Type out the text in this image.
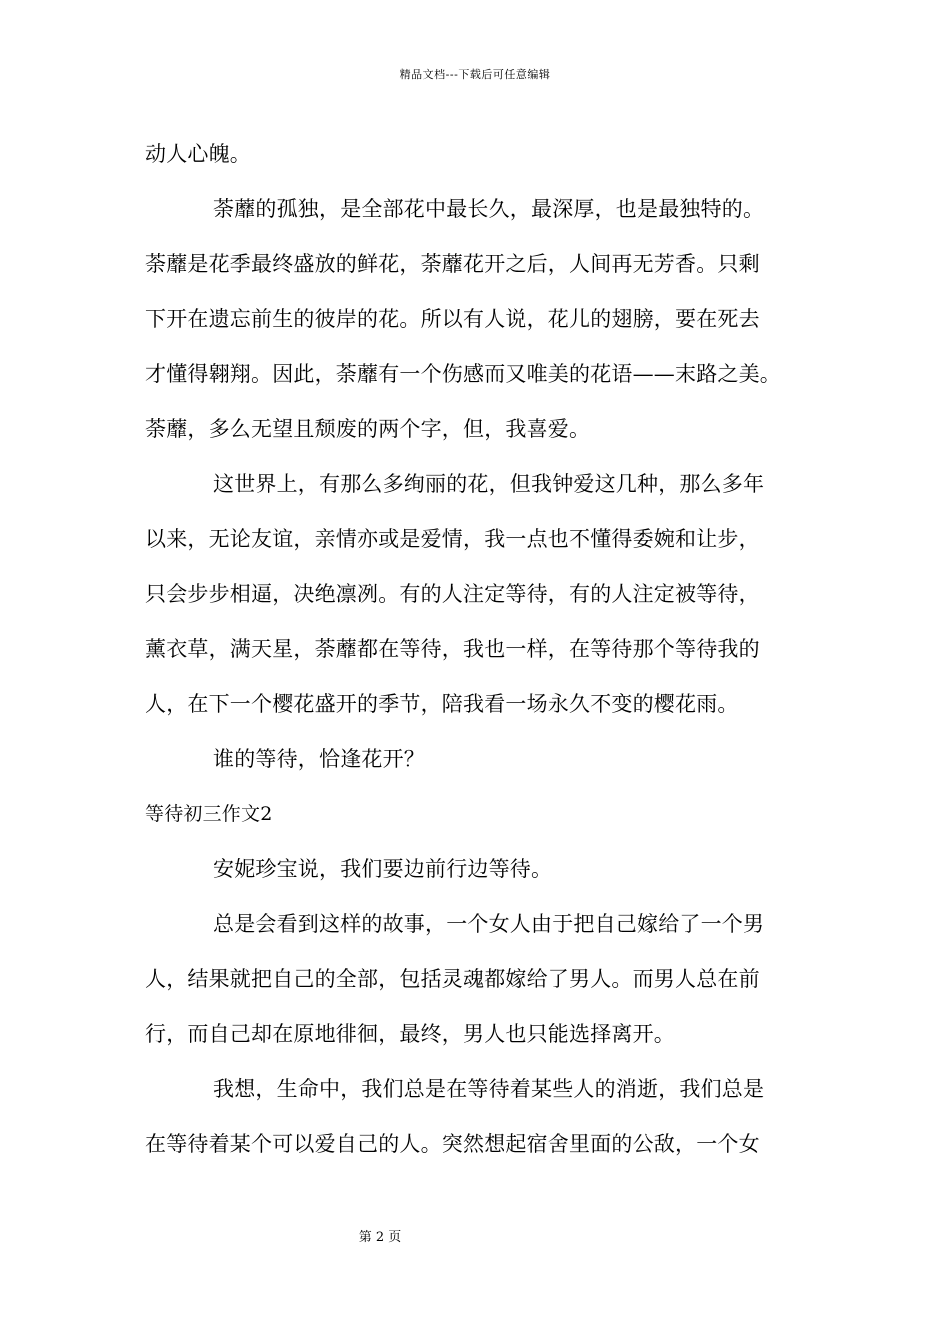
精品文档---下载后可任意编辑
动人心魄。
荼蘼的孤独，是全部花中最长久，最深厚，也是最独特的。
荼蘼是花季最终盛放的鲜花，荼蘼花开之后，人间再无芳香。只剩
下开在遗忘前生的彼岸的花。所以有人说，花儿的翅膀，要在死去
才懂得翱翔。因此，荼蘼有一个伤感而又唯美的花语——末路之美。
荼蘼，多么无望且颓废的两个字，但，我喜爱。
这世界上，有那么多绚丽的花，但我钟爱这几种，那么多年
以来，无论友谊，亲情亦或是爱情，我一点也不懂得委婉和让步，
只会步步相逼，决绝凛冽。有的人注定等待，有的人注定被等待，
薰衣草，满天星，荼蘼都在等待，我也一样，在等待那个等待我的
人，在下一个樱花盛开的季节，陪我看一场永久不变的樱花雨。
谁的等待，恰逢花开？
等待初三作文2
安妮珍宝说，我们要边前行边等待。
总是会看到这样的故事，一个女人由于把自己嫁给了一个男
人，结果就把自己的全部，包括灵魂都嫁给了男人。而男人总在前
行，而自己却在原地徘徊，最终，男人也只能选择离开。
我想，生命中，我们总是在等待着某些人的消逝，我们总是
在等待着某个可以爱自己的人。突然想起宿舍里面的公敌，一个女
第 2 页
